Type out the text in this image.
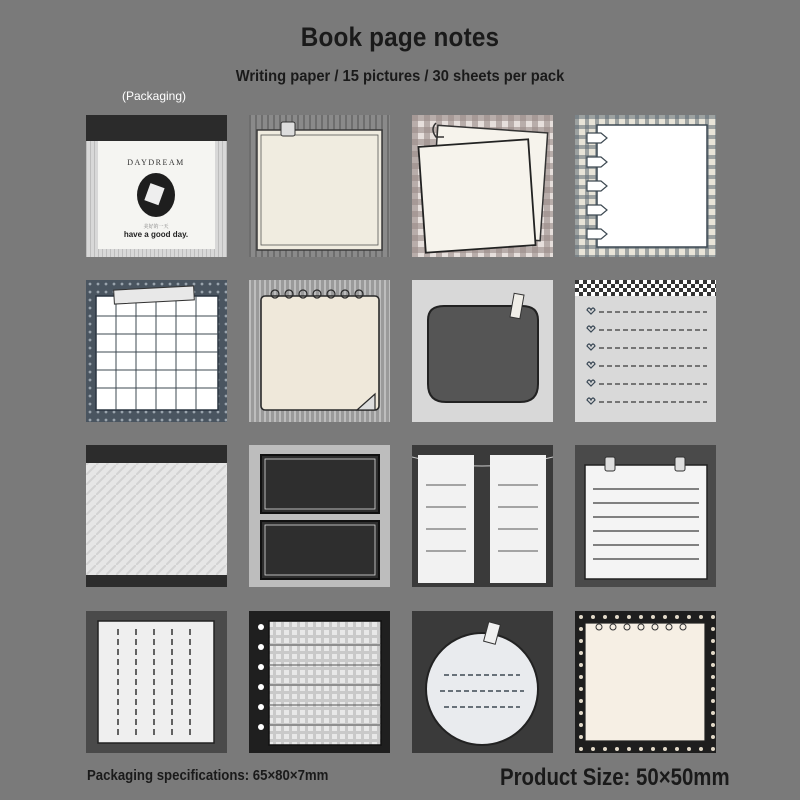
Book page notes
Writing paper / 15 pictures / 30 sheets per pack
(Packaging)
have a good day.
美好的一天
DAYDREAM
Packaging specifications: 65×80×7mm	Product Size: 50×50mm
